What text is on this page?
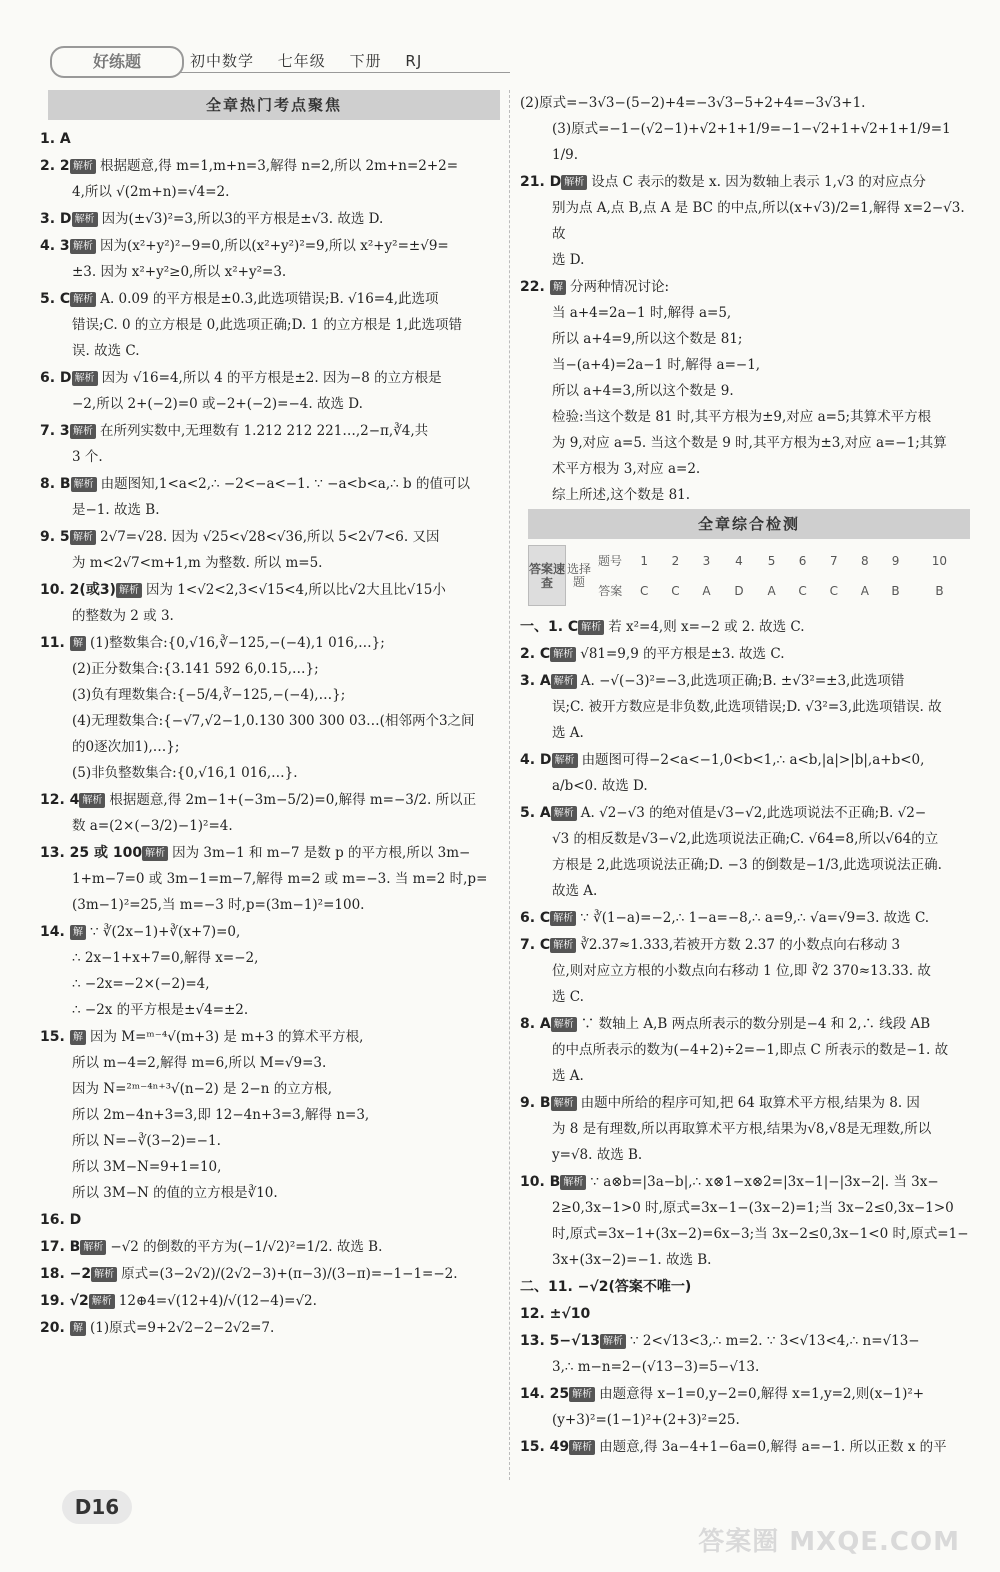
好练题	初中数学 七年级 下册 RJ
全章热门考点聚焦
1. A
2. 2 解析 根据题意,得 m=1,m+n=3,解得 n=2,所以 2m+n=2+2=
4,所以 √(2m+n)=√4=2.
3. D 解析 因为(±√3)²=3,所以3的平方根是±√3. 故选 D.
4. 3 解析 因为(x²+y²)²−9=0,所以(x²+y²)²=9,所以 x²+y²=±√9=
±3. 因为 x²+y²≥0,所以 x²+y²=3.
5. C 解析 A. 0.09 的平方根是±0.3,此选项错误;B. √16=4,此选项
错误;C. 0 的立方根是 0,此选项正确;D. 1 的立方根是 1,此选项错
误. 故选 C.
6. D 解析 因为 √16=4,所以 4 的平方根是±2. 因为−8 的立方根是
−2,所以 2+(−2)=0 或−2+(−2)=−4. 故选 D.
7. 3 解析 在所列实数中,无理数有 1.212 212 221…,2−π,∛4,共
3 个.
8. B 解析 由题图知,1<a<2,∴ −2<−a<−1. ∵ −a<b<a,∴ b 的值可以
是−1. 故选 B.
9. 5 解析 2√7=√28. 因为 √25<√28<√36,所以 5<2√7<6. 又因
为 m<2√7<m+1,m 为整数. 所以 m=5.
10. 2(或3) 解析 因为 1<√2<2,3<√15<4,所以比√2大且比√15小
的整数为 2 或 3.
11. 解 (1)整数集合:{0,√16,∛−125,−(−4),1 016,…};
(2)正分数集合:{3.141 592 6,0.15,…};
(3)负有理数集合:{−5/4,∛−125,−(−4),…};
(4)无理数集合:{−√7,√2−1,0.130 300 300 03…(相邻两个3之间
的0逐次加1),…};
(5)非负整数集合:{0,√16,1 016,…}.
12. 4 解析 根据题意,得 2m−1+(−3m−5/2)=0,解得 m=−3/2. 所以正
数 a=(2×(−3/2)−1)²=4.
13. 25 或 100 解析 因为 3m−1 和 m−7 是数 p 的平方根,所以 3m−
1+m−7=0 或 3m−1=m−7,解得 m=2 或 m=−3. 当 m=2 时,p=
(3m−1)²=25,当 m=−3 时,p=(3m−1)²=100.
14. 解 ∵ ∛(2x−1)+∛(x+7)=0,
∴ 2x−1+x+7=0,解得 x=−2,
∴ −2x=−2×(−2)=4,
∴ −2x 的平方根是±√4=±2.
15. 解 因为 M=ᵐ⁻⁴√(m+3) 是 m+3 的算术平方根,
所以 m−4=2,解得 m=6,所以 M=√9=3.
因为 N=²ᵐ⁻⁴ⁿ⁺³√(n−2) 是 2−n 的立方根,
所以 2m−4n+3=3,即 12−4n+3=3,解得 n=3,
所以 N=−∛(3−2)=−1.
所以 3M−N=9+1=10,
所以 3M−N 的值的立方根是∛10.
16. D
17. B 解析 −√2 的倒数的平方为(−1/√2)²=1/2. 故选 B.
18. −2 解析 原式=(3−2√2)/(2√2−3)+(π−3)/(3−π)=−1−1=−2.
19. √2 解析 12⊕4=√(12+4)/√(12−4)=√2.
20. 解 (1)原式=9+2√2−2−2√2=7.
(2)原式=−3√3−(5−2)+4=−3√3−5+2+4=−3√3+1.
(3)原式=−1−(√2−1)+√2+1+1/9=−1−√2+1+√2+1+1/9=1 1/9.
21. D 解析 设点 C 表示的数是 x. 因为数轴上表示 1,√3 的对应点分
别为点 A,点 B,点 A 是 BC 的中点,所以(x+√3)/2=1,解得 x=2−√3. 故
选 D.
22. 解 分两种情况讨论:
当 a+4=2a−1 时,解得 a=5,
所以 a+4=9,所以这个数是 81;
当−(a+4)=2a−1 时,解得 a=−1,
所以 a+4=3,所以这个数是 9.
检验:当这个数是 81 时,其平方根为±9,对应 a=5;其算术平方根
为 9,对应 a=5. 当这个数是 9 时,其平方根为±3,对应 a=−1;其算
术平方根为 3,对应 a=2.
综上所述,这个数是 81.
全章综合检测
答案速查	选择题	题号	1	2	3	4	5	6	7	8	9	10
		答案	C	C	A	D	A	C	C	A	B	B
一、1. C 解析 若 x²=4,则 x=−2 或 2. 故选 C.
2. C 解析 √81=9,9 的平方根是±3. 故选 C.
3. A 解析 A. −√(−3)²=−3,此选项正确;B. ±√3²=±3,此选项错
误;C. 被开方数应是非负数,此选项错误;D. √3²=3,此选项错误. 故
选 A.
4. D 解析 由题图可得−2<a<−1,0<b<1,∴ a<b,|a|>|b|,a+b<0,
a/b<0. 故选 D.
5. A 解析 A. √2−√3 的绝对值是√3−√2,此选项说法不正确;B. √2−
√3 的相反数是√3−√2,此选项说法正确;C. √64=8,所以√64的立
方根是 2,此选项说法正确;D. −3 的倒数是−1/3,此选项说法正确.
故选 A.
6. C 解析 ∵ ∛(1−a)=−2,∴ 1−a=−8,∴ a=9,∴ √a=√9=3. 故选 C.
7. C 解析 ∛2.37≈1.333,若被开方数 2.37 的小数点向右移动 3
位,则对应立方根的小数点向右移动 1 位,即 ∛2 370≈13.33. 故
选 C.
8. A 解析 ∵ 数轴上 A,B 两点所表示的数分别是−4 和 2,∴ 线段 AB
的中点所表示的数为(−4+2)÷2=−1,即点 C 所表示的数是−1. 故
选 A.
9. B 解析 由题中所给的程序可知,把 64 取算术平方根,结果为 8. 因
为 8 是有理数,所以再取算术平方根,结果为√8,√8是无理数,所以
y=√8. 故选 B.
10. B 解析 ∵ a⊗b=|3a−b|,∴ x⊗1−x⊗2=|3x−1|−|3x−2|. 当 3x−
2≥0,3x−1>0 时,原式=3x−1−(3x−2)=1;当 3x−2≤0,3x−1>0
时,原式=3x−1+(3x−2)=6x−3;当 3x−2≤0,3x−1<0 时,原式=1−
3x+(3x−2)=−1. 故选 B.
二、11. −√2(答案不唯一)
12. ±√10
13. 5−√13 解析 ∵ 2<√13<3,∴ m=2. ∵ 3<√13<4,∴ n=√13−
3,∴ m−n=2−(√13−3)=5−√13.
14. 25 解析 由题意得 x−1=0,y−2=0,解得 x=1,y=2,则(x−1)²+
(y+3)²=(1−1)²+(2+3)²=25.
15. 49 解析 由题意,得 3a−4+1−6a=0,解得 a=−1. 所以正数 x 的平
D16
答案圈 MXQE.COM
